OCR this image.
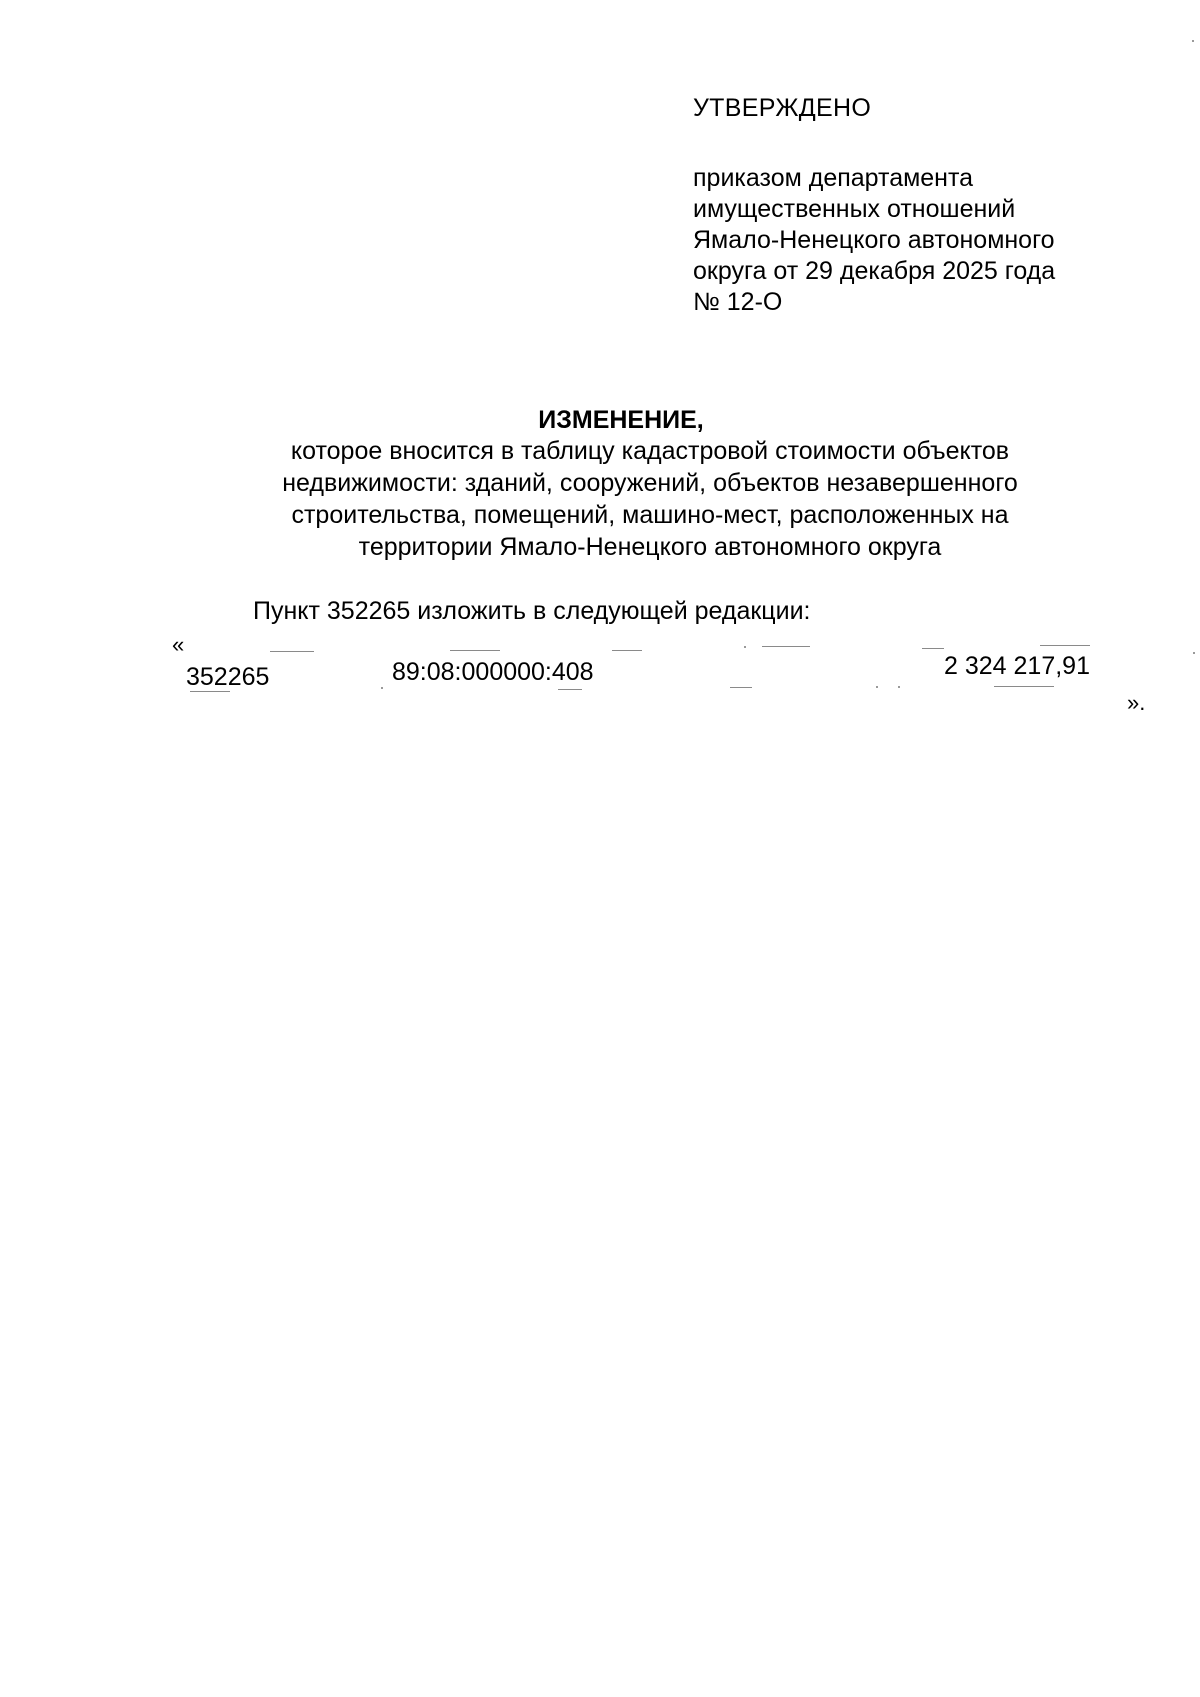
УТВЕРЖДЕНО

приказом департамента
имущественных отношений
Ямало-Ненецкого автономного
округа от 29 декабря 2025 года
№ 12-О
ИЗМЕНЕНИЕ,
которое вносится в таблицу кадастровой стоимости объектов
недвижимости: зданий, сооружений, объектов незавершенного
строительства, помещений, машино-мест, расположенных на
территории Ямало-Ненецкого автономного округа
Пункт 352265 изложить в следующей редакции:
«
352265	89:08:000000:408	2 324 217,91
».
